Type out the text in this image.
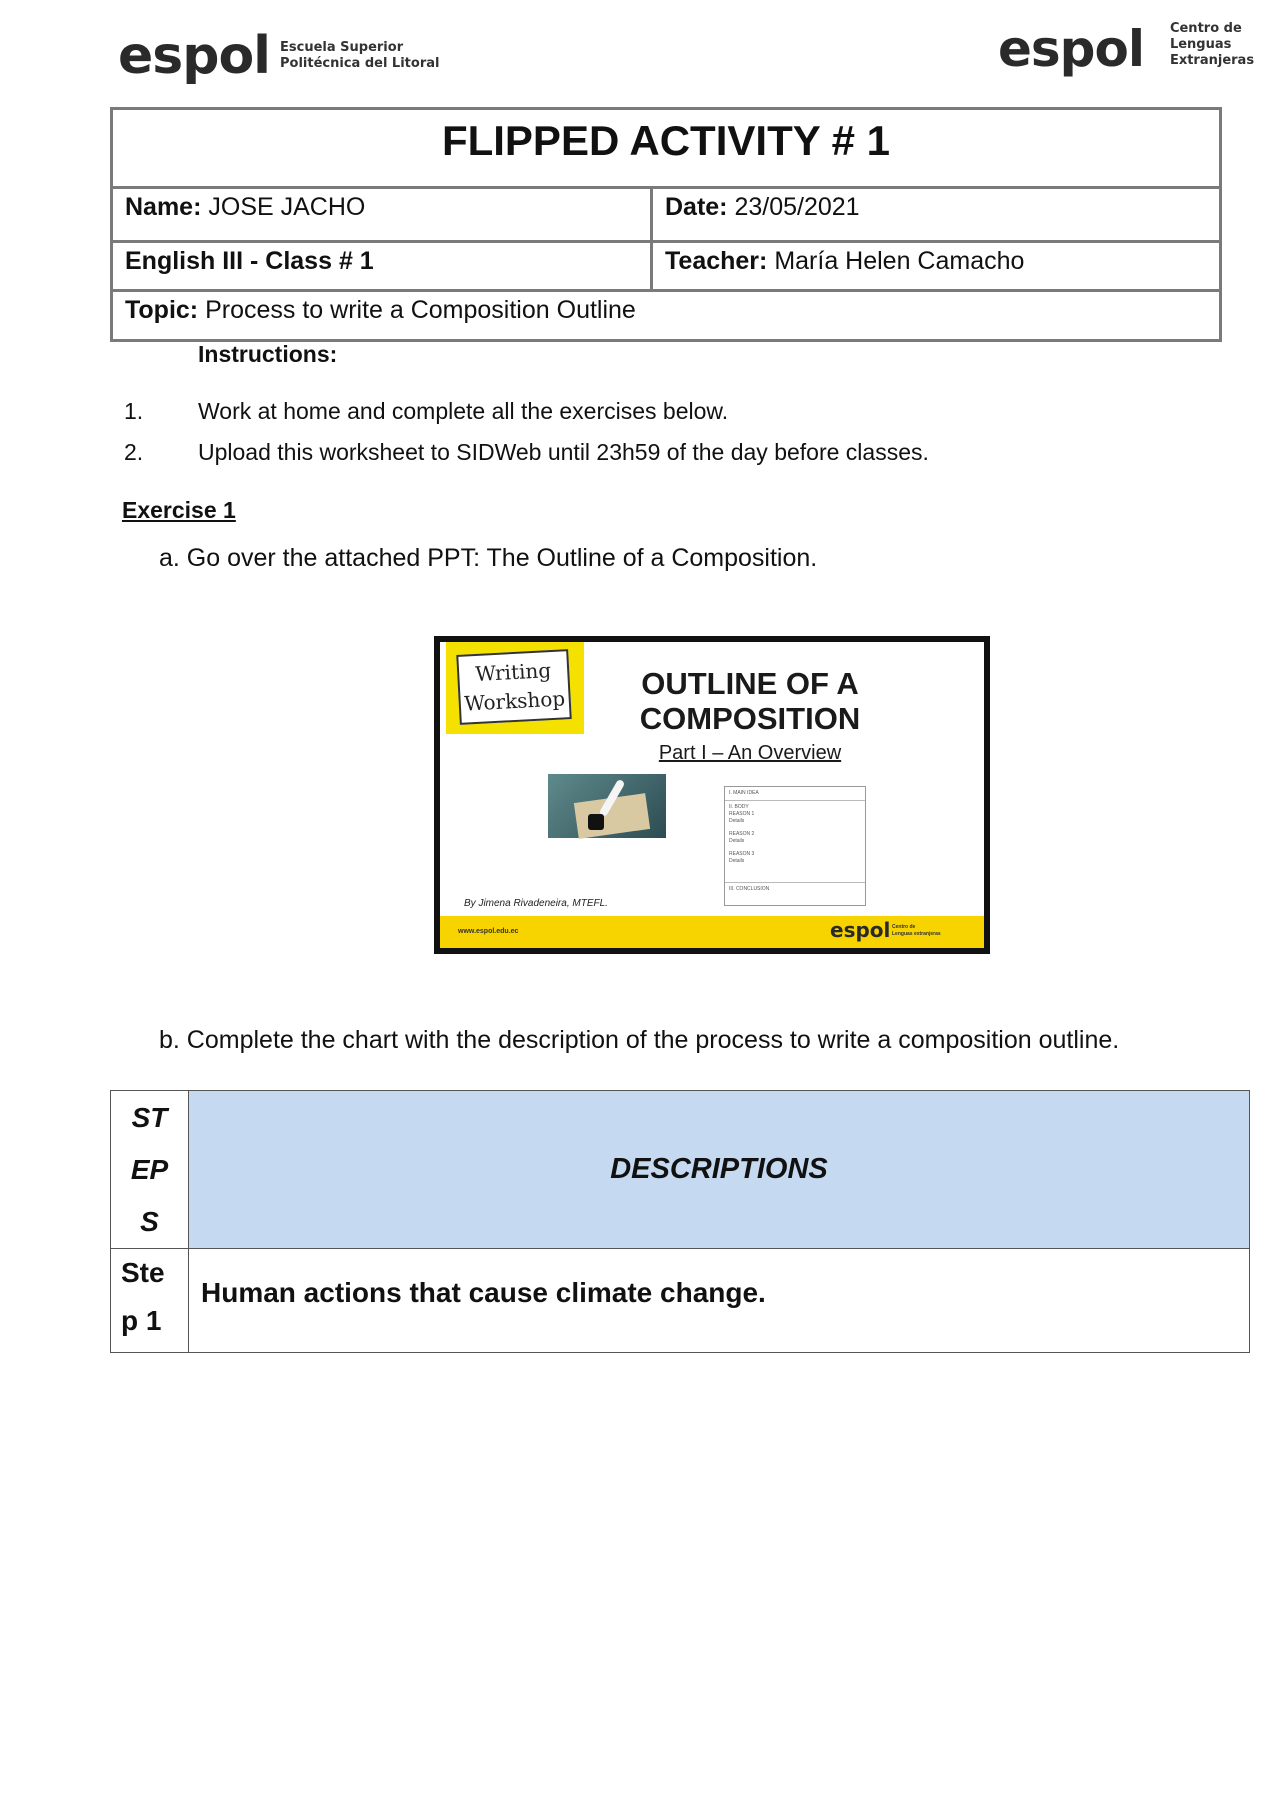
espol Escuela Superior
Politécnica del Litoral	espol Centro de
Lenguas Extranjeras
FLIPPED ACTIVITY # 1
Name: JOSE JACHO	Date: 23/05/2021
English III - Class # 1	Teacher: María Helen Camacho
Topic: Process to write a Composition Outline
Instructions:
1. Work at home and complete all the exercises below.
2. Upload this worksheet to SIDWeb until 23h59 of the day before classes.
Exercise 1
a. Go over the attached PPT: The Outline of a Composition.
Writing
Workshop	OUTLINE OF A
COMPOSITION
Part I – An Overview
I. MAIN IDEA
II. BODY
REASON 1
Details
REASON 2
Details
REASON 3
Details
III. CONCLUSION
By Jimena Rivadeneira, MTEFL.
www.espol.edu.ec	espol Centro de
Lenguas extranjeras
b. Complete the chart with the description of the process to write a composition outline.
ST
EP
S	DESCRIPTIONS

Ste
p 1	Human actions that cause climate change.
